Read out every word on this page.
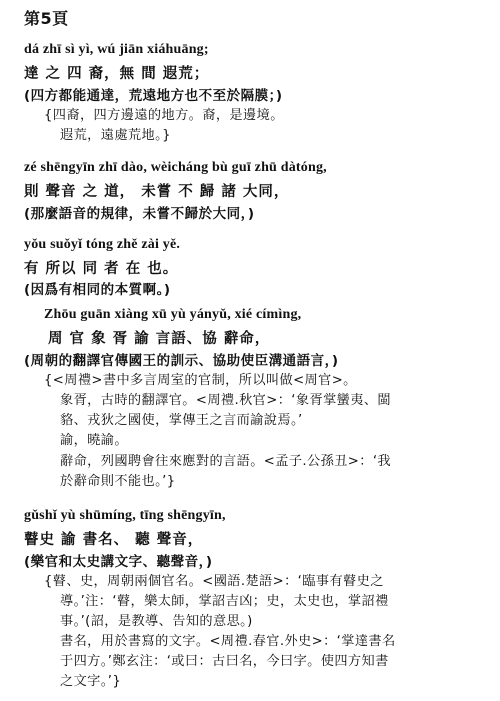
第5頁
dá zhī sì yì, wú jiān xiáhuāng;
達 之 四 裔，無 間 遐荒；
(四方都能通達，荒遠地方也不至於隔膜；)
{四裔，四方邊遠的地方。裔，是邊境。
遐荒，遠處荒地。}
zé shēngyīn zhī dào, wèicháng bù guī zhū dàtóng,
則 聲音 之 道， 未嘗 不 歸 諸 大同，
(那麼語音的規律，未嘗不歸於大同，)
yǒu suǒyǐ tóng zhě zài yě.
有 所以 同 者 在 也。
(因爲有相同的本質啊。)
Zhōu guān xiàng xū yù yányǔ, xié címìng,
周 官 象 胥 諭 言語、協 辭命，
(周朝的翻譯官傳國王的訓示、協助使臣溝通語言，)
{<周禮>書中多言周室的官制，所以叫做<周官>。
象胥，古時的翻譯官。<周禮.秋官>：‘象胥掌蠻夷、閩
貉、戎狄之國使，掌傳王之言而諭說焉。’
諭，曉諭。
辭命，列國聘會往來應對的言語。<孟子.公孫丑>：‘我
於辭命則不能也。’}
gǔshǐ yù shūmíng, tīng shēngyīn,
瞽史 諭 書名、 聽 聲音，
(樂官和太史講文字、聽聲音，)
{瞽、史，周朝兩個官名。<國語.楚語>：‘臨事有瞽史之
導。’注：‘瞽，樂太師，掌詔吉凶；史，太史也，掌詔禮
事。’(詔，是教導、告知的意思。)
書名，用於書寫的文字。<周禮.春官.外史>：‘掌達書名
于四方。’鄭玄注：‘或曰：古曰名，今曰字。使四方知書
之文字。’}
